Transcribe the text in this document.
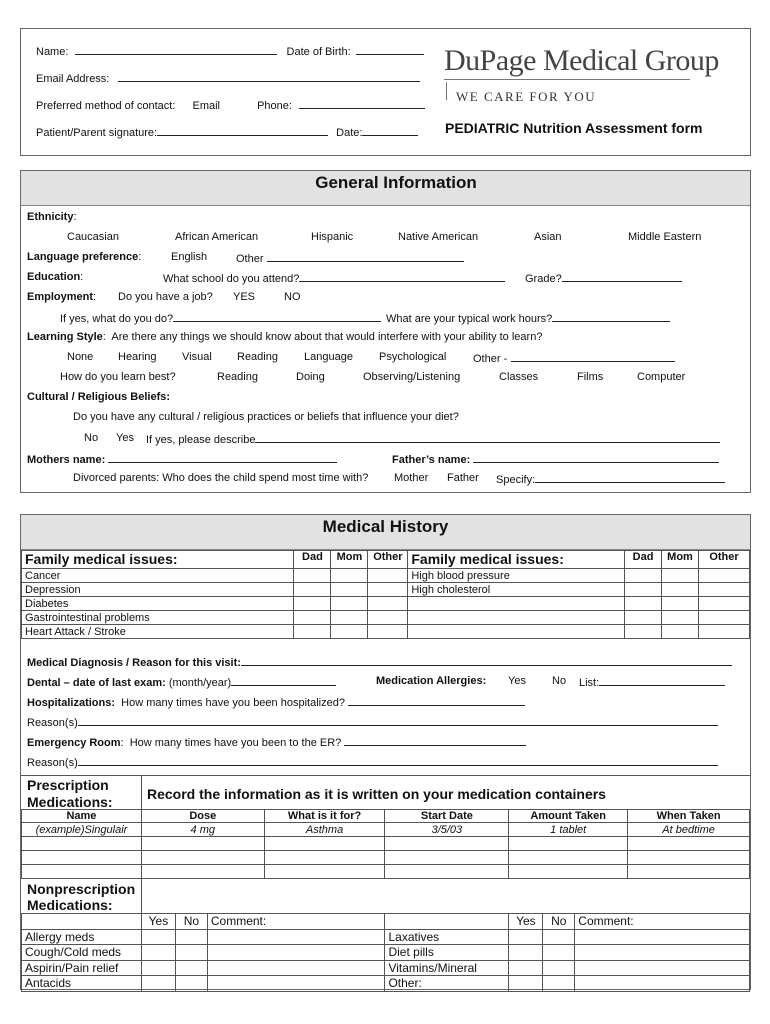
Name:	Date of Birth:
Email Address:
Preferred method of contact: Email	Phone:
Patient/Parent signature:	Date:
DuPage Medical Group
WE CARE FOR YOU
PEDIATRIC Nutrition Assessment form
General Information
Ethnicity:
Caucasian	African American	Hispanic	Native American	Asian	Middle Eastern
Language preference:	English	Other
Education:	What school do you attend?	Grade?
Employment: Do you have a job? YES	NO
If yes, what do you do?	What are your typical work hours?
Learning Style:  Are there any things we should know about that would interfere with your ability to learn?
None Hearing Visual Reading Language Psychological Other -
How do you learn best?	Reading	Doing	Observing/Listening	Classes	Films	Computer
Cultural / Religious Beliefs:
Do you have any cultural / religious practices or beliefs that influence your diet?
No Yes If yes, please describe
Mothers name:	Father’s name:
Divorced parents: Who does the child spend most time with? Mother Father Specify:
Medical History
Family medical issues:	Dad	Mom	Other	Family medical issues:	Dad	Mom	Other
Cancer				High blood pressure			
Depression				High cholesterol			
Diabetes							
Gastrointestinal problems							
Heart Attack / Stroke							
Medical Diagnosis / Reason for this visit:
Dental – date of last exam: (month/year)	Medication Allergies: Yes No List:
Hospitalizations: How many times have you been hospitalized?
Reason(s)
Emergency Room:  How many times have you been to the ER?
Reason(s)
Prescription
Medications: Record the information as it is written on your medication containers
Name	Dose	What is it for?	Start Date	Amount Taken	When Taken
(example)Singulair	4 mg	Asthma	3/5/03	1 tablet	At bedtime

Nonprescription
Medications:
	Yes	No	Comment:		Yes	No	Comment:
Allergy meds				Laxatives			
Cough/Cold meds				Diet pills			
Aspirin/Pain relief				Vitamins/Mineral			
Antacids				Other:			
